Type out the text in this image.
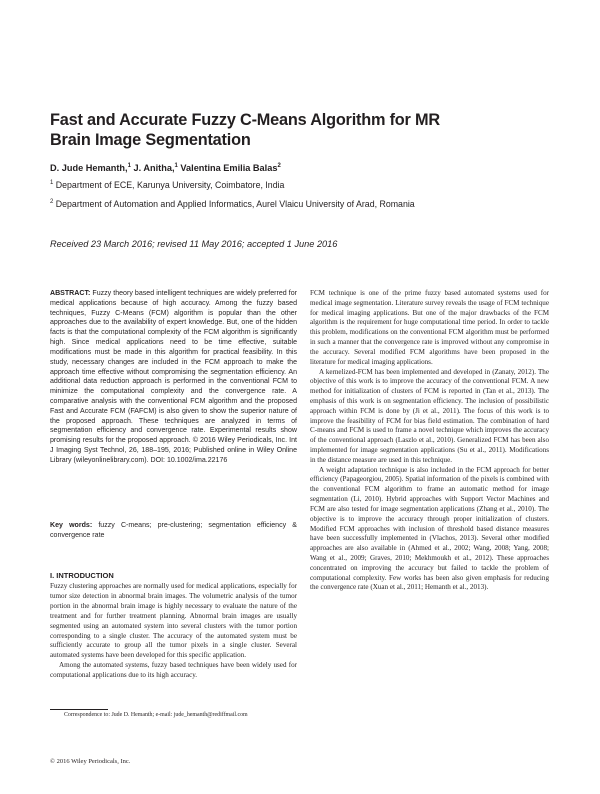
Fast and Accurate Fuzzy C-Means Algorithm for MR Brain Image Segmentation
D. Jude Hemanth,$^1$ J. Anitha,$^1$ Valentina Emilia Balas$^2$
$^1$ Department of ECE, Karunya University, Coimbatore, India
$^2$ Department of Automation and Applied Informatics, Aurel Vlaicu University of Arad, Romania
Received 23 March 2016; revised 11 May 2016; accepted 1 June 2016
ABSTRACT: Fuzzy theory based intelligent techniques are widely preferred for medical applications because of high accuracy. Among the fuzzy based techniques, Fuzzy C-Means (FCM) algorithm is popular than the other approaches due to the availability of expert knowledge. But, one of the hidden facts is that the computational complexity of the FCM algorithm is significantly high. Since medical applications need to be time effective, suitable modifications must be made in this algorithm for practical feasibility. In this study, necessary changes are included in the FCM approach to make the approach time effective without compromising the segmentation efficiency. An additional data reduction approach is performed in the conventional FCM to minimize the computational complexity and the convergence rate. A comparative analysis with the conventional FCM algorithm and the proposed Fast and Accurate FCM (FAFCM) is also given to show the superior nature of the proposed approach. These techniques are analyzed in terms of segmentation efficiency and convergence rate. Experimental results show promising results for the proposed approach. © 2016 Wiley Periodicals, Inc. Int J Imaging Syst Technol, 26, 188–195, 2016; Published online in Wiley Online Library (wileyonlinelibrary.com). DOI: 10.1002/ima.22176
Key words: fuzzy C-means; pre-clustering; segmentation efficiency & convergence rate
I. INTRODUCTION

Fuzzy clustering approaches are normally used for medical applications, especially for tumor size detection in abnormal brain images. The volumetric analysis of the tumor portion in the abnormal brain image is highly necessary to evaluate the nature of the treatment and for further treatment planning. Abnormal brain images are usually segmented using an automated system into several clusters with the tumor portion corresponding to a single cluster. The accuracy of the automated system must be sufficiently accurate to group all the tumor pixels in a single cluster. Several automated systems have been developed for this specific application.

Among the automated systems, fuzzy based techniques have been widely used for computational applications due to its high accuracy.

Correspondence to: Jude D. Hemanth; e-mail: jude_hemanth@rediffmail.com
© 2016 Wiley Periodicals, Inc.

FCM technique is one of the prime fuzzy based automated systems used for medical image segmentation. Literature survey reveals the usage of FCM technique for medical imaging applications. But one of the major drawbacks of the FCM algorithm is the requirement for huge computational time period. In order to tackle this problem, modifications on the conventional FCM algorithm must be performed in such a manner that the convergence rate is improved without any compromise in the accuracy. Several modified FCM algorithms have been proposed in the literature for medical imaging applications.

A kernelized-FCM has been implemented and developed in (Zanaty, 2012). The objective of this work is to improve the accuracy of the conventional FCM. A new method for initialization of clusters of FCM is reported in (Tan et al., 2013). The emphasis of this work is on segmentation efficiency. The inclusion of possibilistic approach within FCM is done by (Ji et al., 2011). The focus of this work is to improve the feasibility of FCM for bias field estimation. The combination of hard C-means and FCM is used to frame a novel technique which improves the accuracy of the conventional approach (Laszlo et al., 2010). Generalized FCM has been also implemented for image segmentation applications (Su et al., 2011). Modifications in the distance measure are used in this technique.

A weight adaptation technique is also included in the FCM approach for better efficiency (Papageorgiou, 2005). Spatial information of the pixels is combined with the conventional FCM algorithm to frame an automatic method for image segmentation (Li, 2010). Hybrid approaches with Support Vector Machines and FCM are also tested for image segmentation applications (Zhang et al., 2010). The objective is to improve the accuracy through proper initialization of clusters. Modified FCM approaches with inclusion of threshold based distance measures have been successfully implemented in (Vlachos, 2013). Several other modified approaches are also available in (Ahmed et al., 2002; Wang, 2008; Yang, 2008; Wang et al., 2009; Graves, 2010; Mekhmoukh et al., 2012). These approaches concentrated on improving the accuracy but failed to tackle the problem of computational complexity. Few works has been also given emphasis for reducing the convergence rate (Xuan et al., 2011; Hemanth et al., 2013).
